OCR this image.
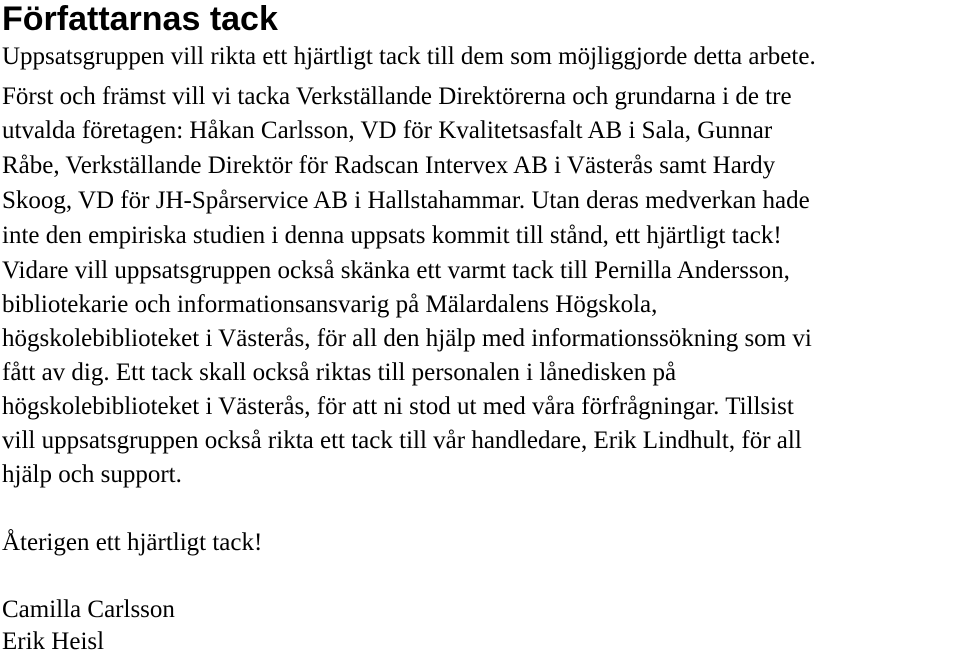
Författarnas tack

Uppsatsgruppen vill rikta ett hjärtligt tack till dem som möjliggjorde detta arbete.

Först och främst vill vi tacka Verkställande Direktörerna och grundarna i de tre

utvalda företagen: Håkan Carlsson, VD för Kvalitetsasfalt AB i Sala, Gunnar

Råbe, Verkställande Direktör för Radscan Intervex AB i Västerås samt Hardy

Skoog, VD för JH-Spårservice AB i Hallstahammar. Utan deras medverkan hade

inte den empiriska studien i denna uppsats kommit till stånd, ett hjärtligt tack!

Vidare vill uppsatsgruppen också skänka ett varmt tack till Pernilla Andersson,

bibliotekarie och informationsansvarig på Mälardalens Högskola,

högskolebiblioteket i Västerås, för all den hjälp med informationssökning som vi

fått av dig. Ett tack skall också riktas till personalen i lånedisken på

högskolebiblioteket i Västerås, för att ni stod ut med våra förfrågningar. Tillsist

vill uppsatsgruppen också rikta ett tack till vår handledare, Erik Lindhult, för all

hjälp och support.

Återigen ett hjärtligt tack!

Camilla Carlsson

Erik Heisl
